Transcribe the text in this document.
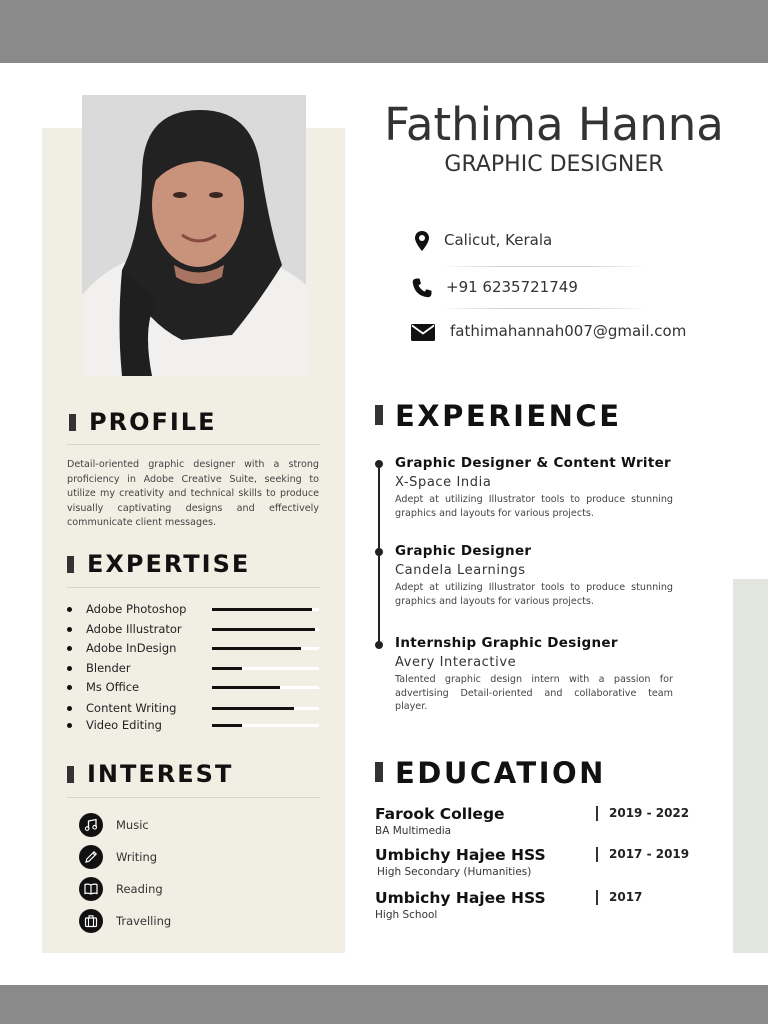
Fathima Hanna
GRAPHIC DESIGNER
Calicut, Kerala
+91 6235721749
fathimahannah007@gmail.com
PROFILE
Detail-oriented graphic designer with a strong proficiency in Adobe Creative Suite, seeking to utilize my creativity and technical skills to produce visually captivating designs and effectively communicate client messages.
EXPERTISE
Adobe Photoshop
Adobe Illustrator
Adobe InDesign
Blender
Ms Office
Content Writing
Video Editing
INTEREST
Music
Writing
Reading
Travelling
EXPERIENCE
Graphic Designer & Content Writer
X-Space India
Adept at utilizing Illustrator tools to produce stunning graphics and layouts for various projects.
Graphic Designer
Candela Learnings
Adept at utilizing Illustrator tools to produce stunning graphics and layouts for various projects.
Internship Graphic Designer
Avery Interactive
Talented graphic design intern with a passion for advertising Detail-oriented and collaborative team player.
EDUCATION
Farook College
BA Multimedia
2019 - 2022
Umbichy Hajee HSS
High Secondary (Humanities)
2017 - 2019
Umbichy Hajee HSS
High School
2017
